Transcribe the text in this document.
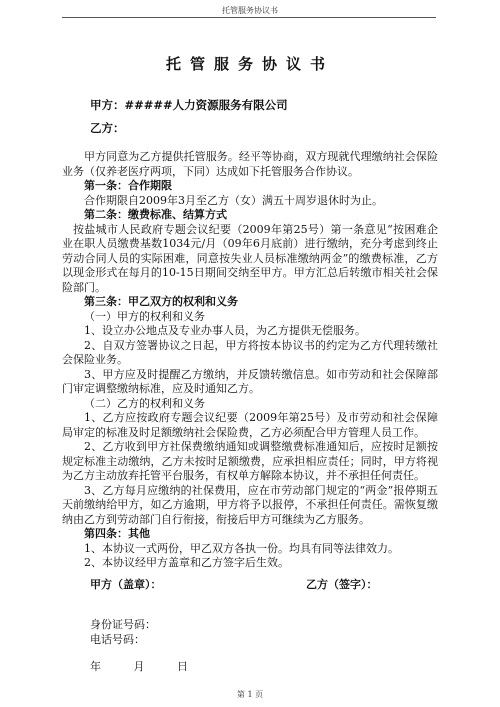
托管服务协议书
托管服务协议书
甲方：#####人力资源服务有限公司
乙方：

甲方同意为乙方提供托管服务。经平等协商，双方现就代理缴纳社会保险业务（仅养老医疗两项，下同）达成如下托管服务合作协议。

第一条：合作期限

合作期限自2009年3月至乙方（女）满五十周岁退休时为止。

第二条：缴费标准、结算方式

按盐城市人民政府专题会议纪要（2009年第25号）第一条意见“按困难企业在职人员缴费基数1034元/月（09年6月底前）进行缴纳，充分考虑到终止劳动合同人员的实际困难，同意按失业人员标准缴纳两金”的缴费标准，乙方以现金形式在每月的10-15日期间交纳至甲方。甲方汇总后转缴市相关社会保险部门。

第三条：甲乙双方的权利和义务

（一）甲方的权利和义务

1、设立办公地点及专业办事人员，为乙方提供无偿服务。

2、自双方签署协议之日起，甲方将按本协议书的约定为乙方代理转缴社会保险业务。

3、甲方应及时提醒乙方缴纳，并反馈转缴信息。如市劳动和社会保障部门审定调整缴纳标准，应及时通知乙方。

（二）乙方的权利和义务

1、乙方应按政府专题会议纪要（2009年第25号）及市劳动和社会保障局审定的标准及时足额缴纳社会保险费，乙方必须配合甲方管理人员工作。

2、乙方收到甲方社保费缴纳通知或调整缴费标准通知后，应按时足额按规定标准主动缴纳，乙方未按时足额缴费，应承担相应责任；同时，甲方将视为乙方主动放弃托管平台服务，有权单方解除本协议，并不承担任何责任。

3、乙方每月应缴纳的社保费用，应在市劳动部门规定的“两金”报停期五天前缴纳给甲方，如乙方逾期，甲方将予以报停，不承担任何责任。需恢复缴纳由乙方到劳动部门自行衔接，衔接后甲方可继续为乙方服务。

第四条：其他

1、本协议一式两份，甲乙双方各执一份。均具有同等法律效力。

2、本协议经甲方盖章和乙方签字后生效。

甲方（盖章）：	乙方（签字）：
身份证号码：
电话号码：
年	月	日
第 1 页
